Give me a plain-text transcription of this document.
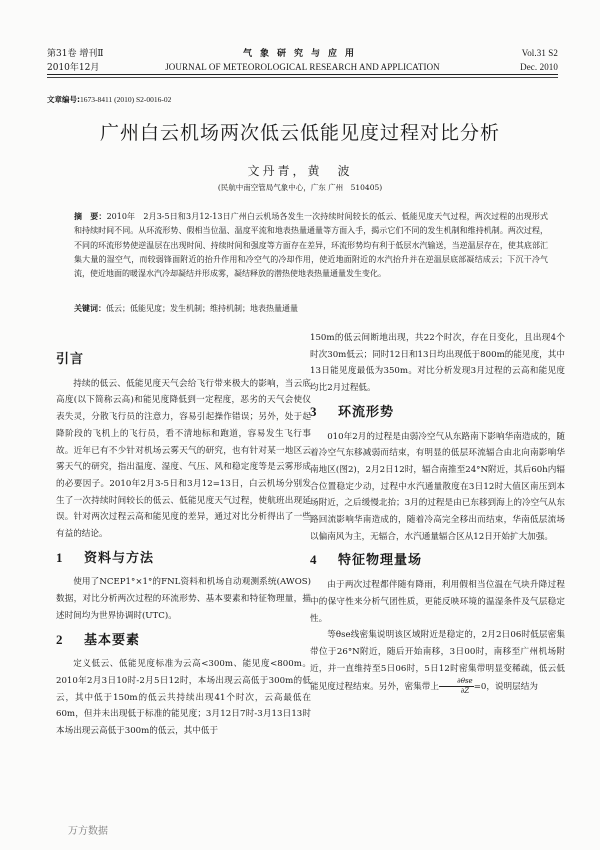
第31卷 增刊Ⅱ	气象研究与应用	Vol.31 S2
2010年12月	JOURNAL OF METEOROLOGICAL RESEARCH AND APPLICATION	Dec. 2010
文章编号:1673-8411 (2010) S2-0016-02
广州白云机场两次低云低能见度过程对比分析
文丹青，黄　波
(民航中南空管局气象中心，广东 广州　510405)
摘　要：2010年　2月3-5日和3月12-13日广州白云机场各发生一次持续时间较长的低云、低能见度天气过程，两次过程的出现形式和持续时间不同。从环流形势、假相当位温、温度平流和地表热量通量等方面入手，揭示它们不同的发生机制和维持机制。两次过程，不同的环流形势使逆温层在出现时间、持续时间和强度等方面存在差异，环流形势均有利于低层水汽输送，当逆温层存在，使其底部汇集大量的湿空气，而较弱锋面附近的抬升作用和冷空气的冷却作用，使近地面附近的水汽抬升并在逆温层底部凝结成云；下沉干冷气流，使近地面的暖湿水汽冷却凝结并形成雾，凝结释放的潜热使地表热量通量发生变化。
关键词：低云；低能见度；发生机制；维持机制；地表热量通量
引言

持续的低云、低能见度天气会给飞行带来极大的影响，当云底高度(以下简称云高)和能见度降低到一定程度，恶劣的天气会使仪表失灵，分散飞行员的注意力，容易引起操作错误；另外，处于起降阶段的飞机上的飞行员，看不清地标和跑道，容易发生飞行事故。近年已有不少针对机场云雾天气的研究，也有针对某一地区云雾天气的研究，指出温度、湿度、气压、风和稳定度等是云雾形成的必要因子。2010年2月3-5日和3月12=13日，白云机场分别发生了一次持续时间较长的低云、低能见度天气过程，使航班出现延误。针对两次过程云高和能见度的差异，通过对比分析得出了一些有益的结论。

1 资料与方法

使用了NCEP1°×1°的FNL资料和机场自动观测系统(AWOS)数据，对比分析两次过程的环流形势、基本要素和特征物理量，描述时间均为世界协调时(UTC)。

2 基本要素

定义低云、低能见度标准为云高<300m、能见度<800m。2010年2月3日10时-2月5日12时，本场出现云高低于300m的低云，其中低于150m的低云共持续出现41个时次，云高最低在60m，但并未出现低于标准的能见度；3月12日7时-3月13日13时本场出现云高低于300m的低云，其中低于

150m的低云间断地出现，共22个时次，存在日变化，且出现4个时次30m低云；同时12日和13日均出现低于800m的能见度，其中13日能见度最低为350m。对比分析发现3月过程的云高和能见度均比2月过程低。

3 环流形势

010年2月的过程是由弱冷空气从东路南下影响华南造成的，随着冷空气东移减弱而结束，有明显的低层环流辐合由北向南影响华南地区(图2)，2月2日12时，辐合南推至24°N附近，其后60h内辐合位置稳定少动，过程中水汽通量散度在3日12时大值区南压到本场附近，之后缓慢北抬；3月的过程是由已东移到海上的冷空气从东路回流影响华南造成的，随着冷高完全移出而结束，华南低层流场以偏南风为主，无辐合，水汽通量辐合区从12日开始扩大加强。

4 特征物理量场

由于两次过程都伴随有降雨，利用假相当位温在气块升降过程中的保守性来分析气团性质，更能反映环境的温湿条件及气层稳定性。

等θse线密集说明该区域附近是稳定的，2月2日06时低层密集带位于26°N附近，随后开始南移，3日00时，南移至广州机场附近，并一直维持至5日06时，5日12时密集带明显变稀疏，低云低能见度过程结束。另外，密集带上 $\frac{\text{∂θse}}{\partial Z} =0$，说明层结为

万方数据
